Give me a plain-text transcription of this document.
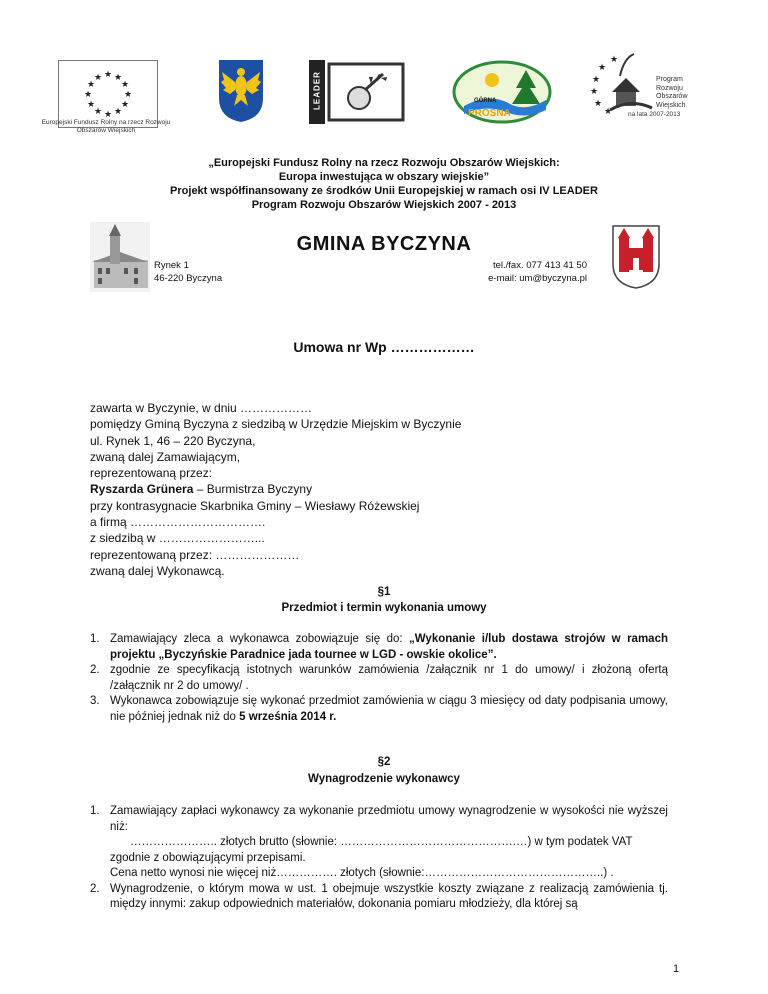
★ ★
★
★
★
★
★
★
★
★
★
★	LEADER	GÓRNA
PROSNA
★
★
★
★
★
★
Program
Rozwoju
Obszarów
Wiejskich
na lata 2007-2013
Europejski Fundusz Rolny na rzecz Rozwoju Obszarów Wiejskich
„Europejski Fundusz Rolny na rzecz Rozwoju Obszarów Wiejskich:
Europa inwestująca w obszary wiejskie”
Projekt współfinansowany ze środków Unii Europejskiej w ramach osi IV LEADER
Program Rozwoju Obszarów Wiejskich 2007 - 2013
GMINA BYCZYNA
Rynek 1
46-220 Byczyna
tel./fax. 077 413 41 50
e-mail: um@byczyna.pl
Umowa nr Wp ………………
zawarta w Byczynie, w dniu ………………
pomiędzy Gminą Byczyna z siedzibą w Urzędzie Miejskim w Byczynie
ul. Rynek 1, 46 – 220 Byczyna,
zwaną dalej Zamawiającym,
reprezentowaną przez:
Ryszarda Grünera – Burmistrza Byczyny
przy kontrasygnacie Skarbnika Gminy – Wiesławy Różewskiej
a firmą …………………………….
z siedzibą w ……………………...
reprezentowaną przez: …………………
zwaną dalej Wykonawcą.
§1
Przedmiot i termin wykonania umowy
1. Zamawiający zleca a wykonawca zobowiązuje się do: „Wykonanie i/lub dostawa strojów w ramach projektu „Byczyńskie Paradnice jada tournee w LGD - owskie okolice”.
2. zgodnie ze specyfikacją istotnych warunków zamówienia /załącznik nr 1 do umowy/ i złożoną ofertą /załącznik nr 2 do umowy/ .
3. Wykonawca zobowiązuje się wykonać przedmiot zamówienia w ciągu 3 miesięcy od daty podpisania umowy, nie później jednak niż do 5 września 2014 r.
§2
Wynagrodzenie wykonawcy
1. Zamawiający zapłaci wykonawcy za wykonanie przedmiotu umowy wynagrodzenie w wysokości nie wyższej niż:
………………….. złotych brutto (słownie: ……………………………………….…) w tym podatek VAT
zgodnie z obowiązującymi przepisami.
Cena netto wynosi nie więcej niż……………. złotych (słownie:………………………………………..) .
2. Wynagrodzenie, o którym mowa w ust. 1 obejmuje wszystkie koszty związane z realizacją zamówienia tj. między innymi: zakup odpowiednich materiałów, dokonania pomiaru młodzieży, dla której są
1
